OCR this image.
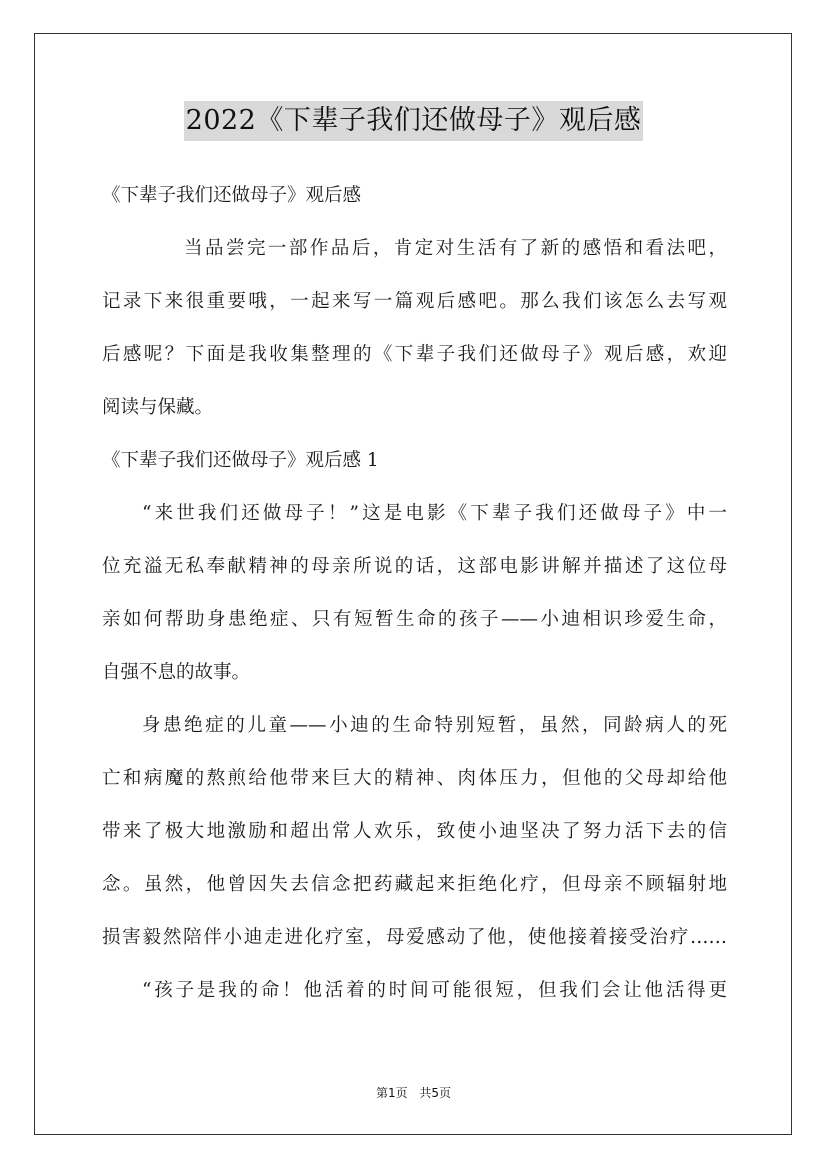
2022《下辈子我们还做母子》观后感
《下辈子我们还做母子》观后感
当品尝完一部作品后，肯定对生活有了新的感悟和看法吧，
记录下来很重要哦，一起来写一篇观后感吧。那么我们该怎么去写观
后感呢？下面是我收集整理的《下辈子我们还做母子》观后感，欢迎
阅读与保藏。
《下辈子我们还做母子》观后感 1
“来世我们还做母子！”这是电影《下辈子我们还做母子》中一
位充溢无私奉献精神的母亲所说的话，这部电影讲解并描述了这位母
亲如何帮助身患绝症、只有短暂生命的孩子——小迪相识珍爱生命，
自强不息的故事。
身患绝症的儿童——小迪的生命特别短暂，虽然，同龄病人的死
亡和病魔的熬煎给他带来巨大的精神、肉体压力，但他的父母却给他
带来了极大地激励和超出常人欢乐，致使小迪坚决了努力活下去的信
念。虽然，他曾因失去信念把药藏起来拒绝化疗，但母亲不顾辐射地
损害毅然陪伴小迪走进化疗室，母爱感动了他，使他接着接受治疗……
“孩子是我的命！他活着的时间可能很短，但我们会让他活得更
第1页 共5页
